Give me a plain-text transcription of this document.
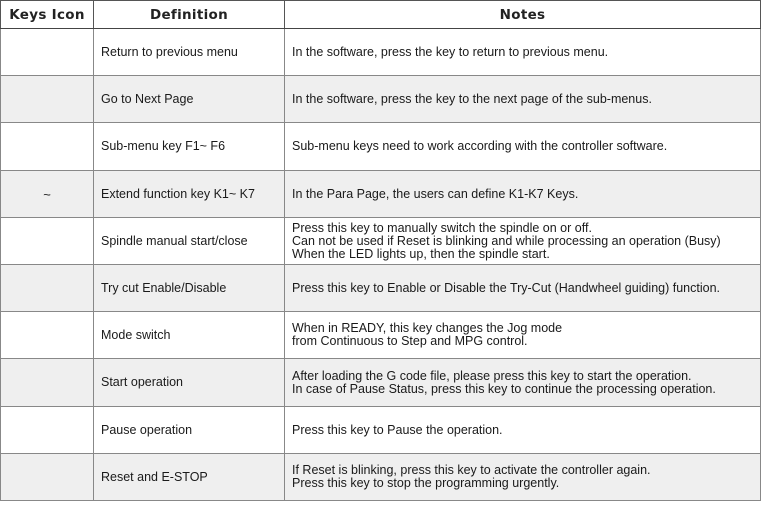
Keys Icon	Definition	Notes
	Return to previous menu	In the software, press the key to return to previous menu.

	Go to Next Page	In the software, press the key to the next page of the sub-menus.

	Sub-menu key F1~ F6	Sub-menu keys need to work according with the controller software.

~	Extend function key K1~ K7	In the Para Page, the users can define K1-K7 Keys.

	Spindle manual start/close	Press this key to manually switch the spindle on or off.
Can not be used if Reset is blinking and while processing an operation (Busy)
When the LED lights up, then the spindle start.

	Try cut Enable/Disable	Press this key to Enable or Disable the Try-Cut (Handwheel guiding) function.

	Mode switch	When in READY, this key changes the Jog mode
from Continuous to Step and MPG control.

	Start operation	After loading the G code file, please press this key to start the operation.
In case of Pause Status, press this key to continue the processing operation.

	Pause operation	Press this key to Pause the operation.

	Reset and E-STOP	If Reset is blinking, press this key to activate the controller again.
Press this key to stop the programming urgently.
